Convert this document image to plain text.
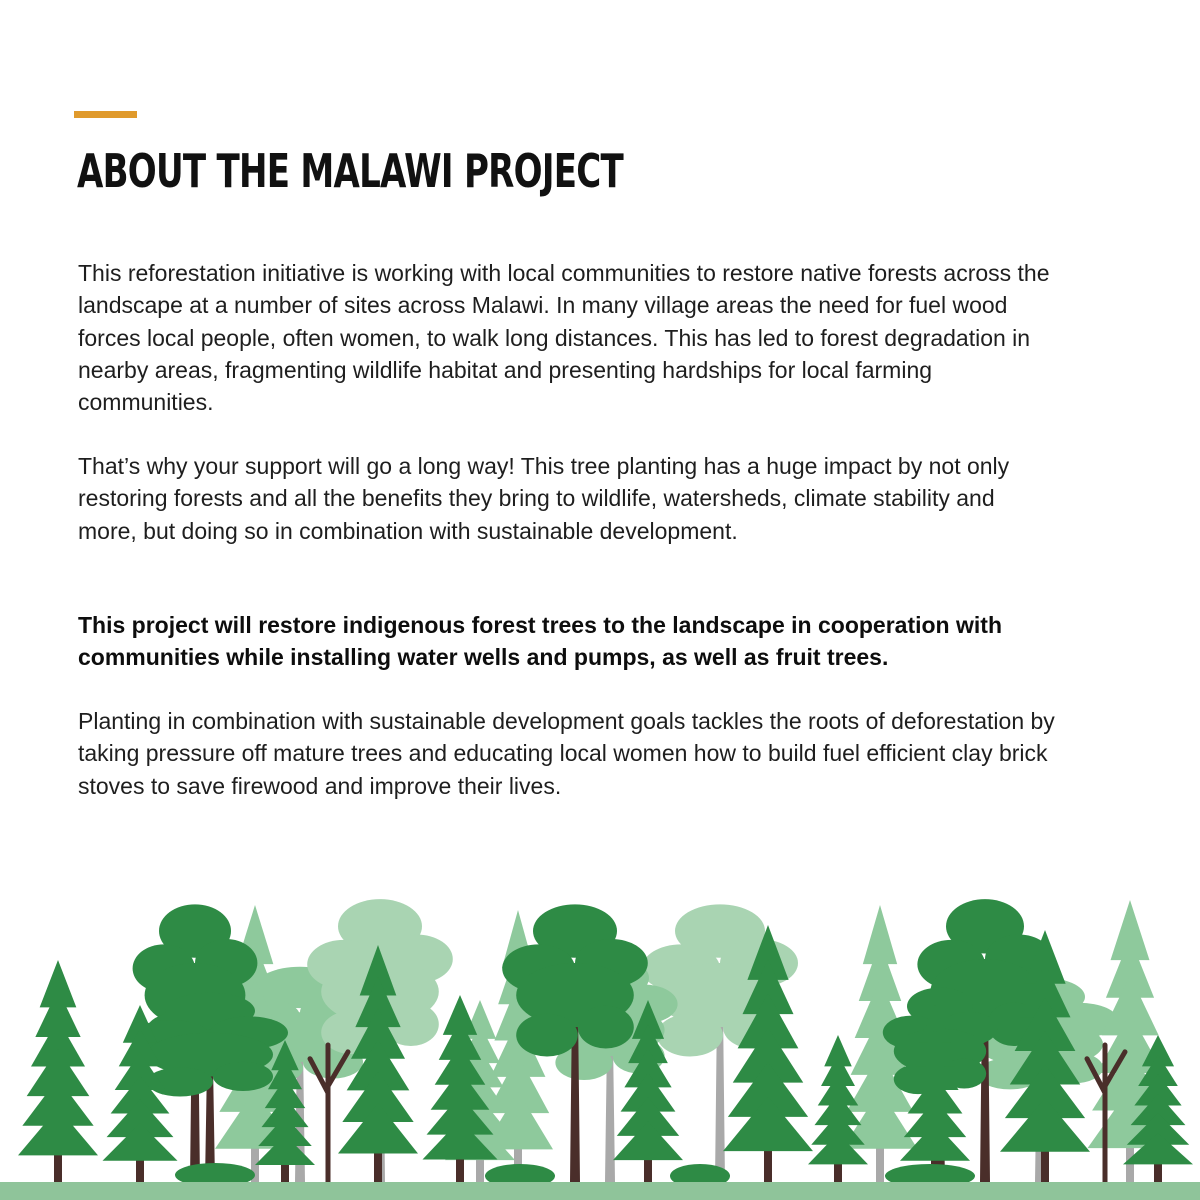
ABOUT THE MALAWI PROJECT

This reforestation initiative is working with local communities to restore native forests across the landscape at a number of sites across Malawi. In many village areas the need for fuel wood forces local people, often women, to walk long distances. This has led to forest degradation in nearby areas, fragmenting wildlife habitat and presenting hardships for local farming communities.

That’s why your support will go a long way! This tree planting has a huge impact by not only restoring forests and all the benefits they bring to wildlife, watersheds, climate stability and more, but doing so in combination with sustainable development.

This project will restore indigenous forest trees to the landscape in cooperation with communities while installing water wells and pumps, as well as fruit trees.

Planting in combination with sustainable development goals tackles the roots of deforestation by taking pressure off mature trees and educating local women how to build fuel efficient clay brick stoves to save firewood and improve their lives.
